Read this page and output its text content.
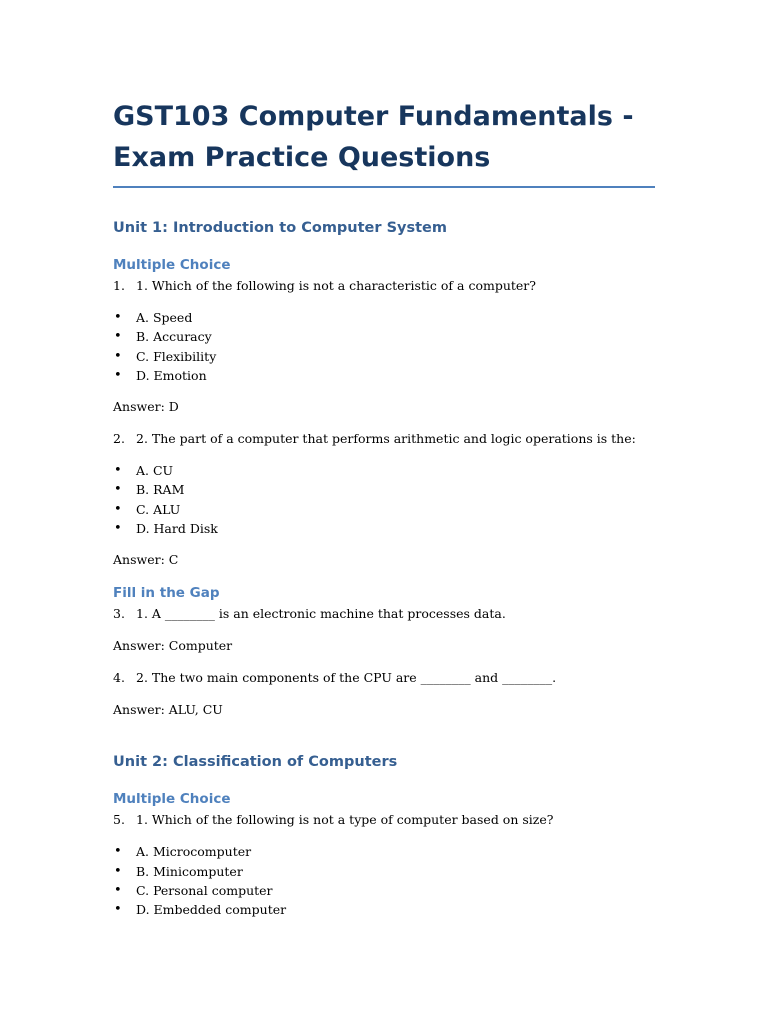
GST103 Computer Fundamentals -
Exam Practice Questions
Unit 1: Introduction to Computer System
Multiple Choice

1. 1. Which of the following is not a characteristic of a computer?

• A. Speed
• B. Accuracy
• C. Flexibility
• D. Emotion

Answer: D

2. 2. The part of a computer that performs arithmetic and logic operations is the:

• A. CU
• B. RAM
• C. ALU
• D. Hard Disk

Answer: C

Fill in the Gap

3. 1. A ________ is an electronic machine that processes data.

Answer: Computer

4. 2. The two main components of the CPU are ________ and ________.

Answer: ALU, CU

Unit 2: Classification of Computers
Multiple Choice

5. 1. Which of the following is not a type of computer based on size?

• A. Microcomputer
• B. Minicomputer
• C. Personal computer
• D. Embedded computer
